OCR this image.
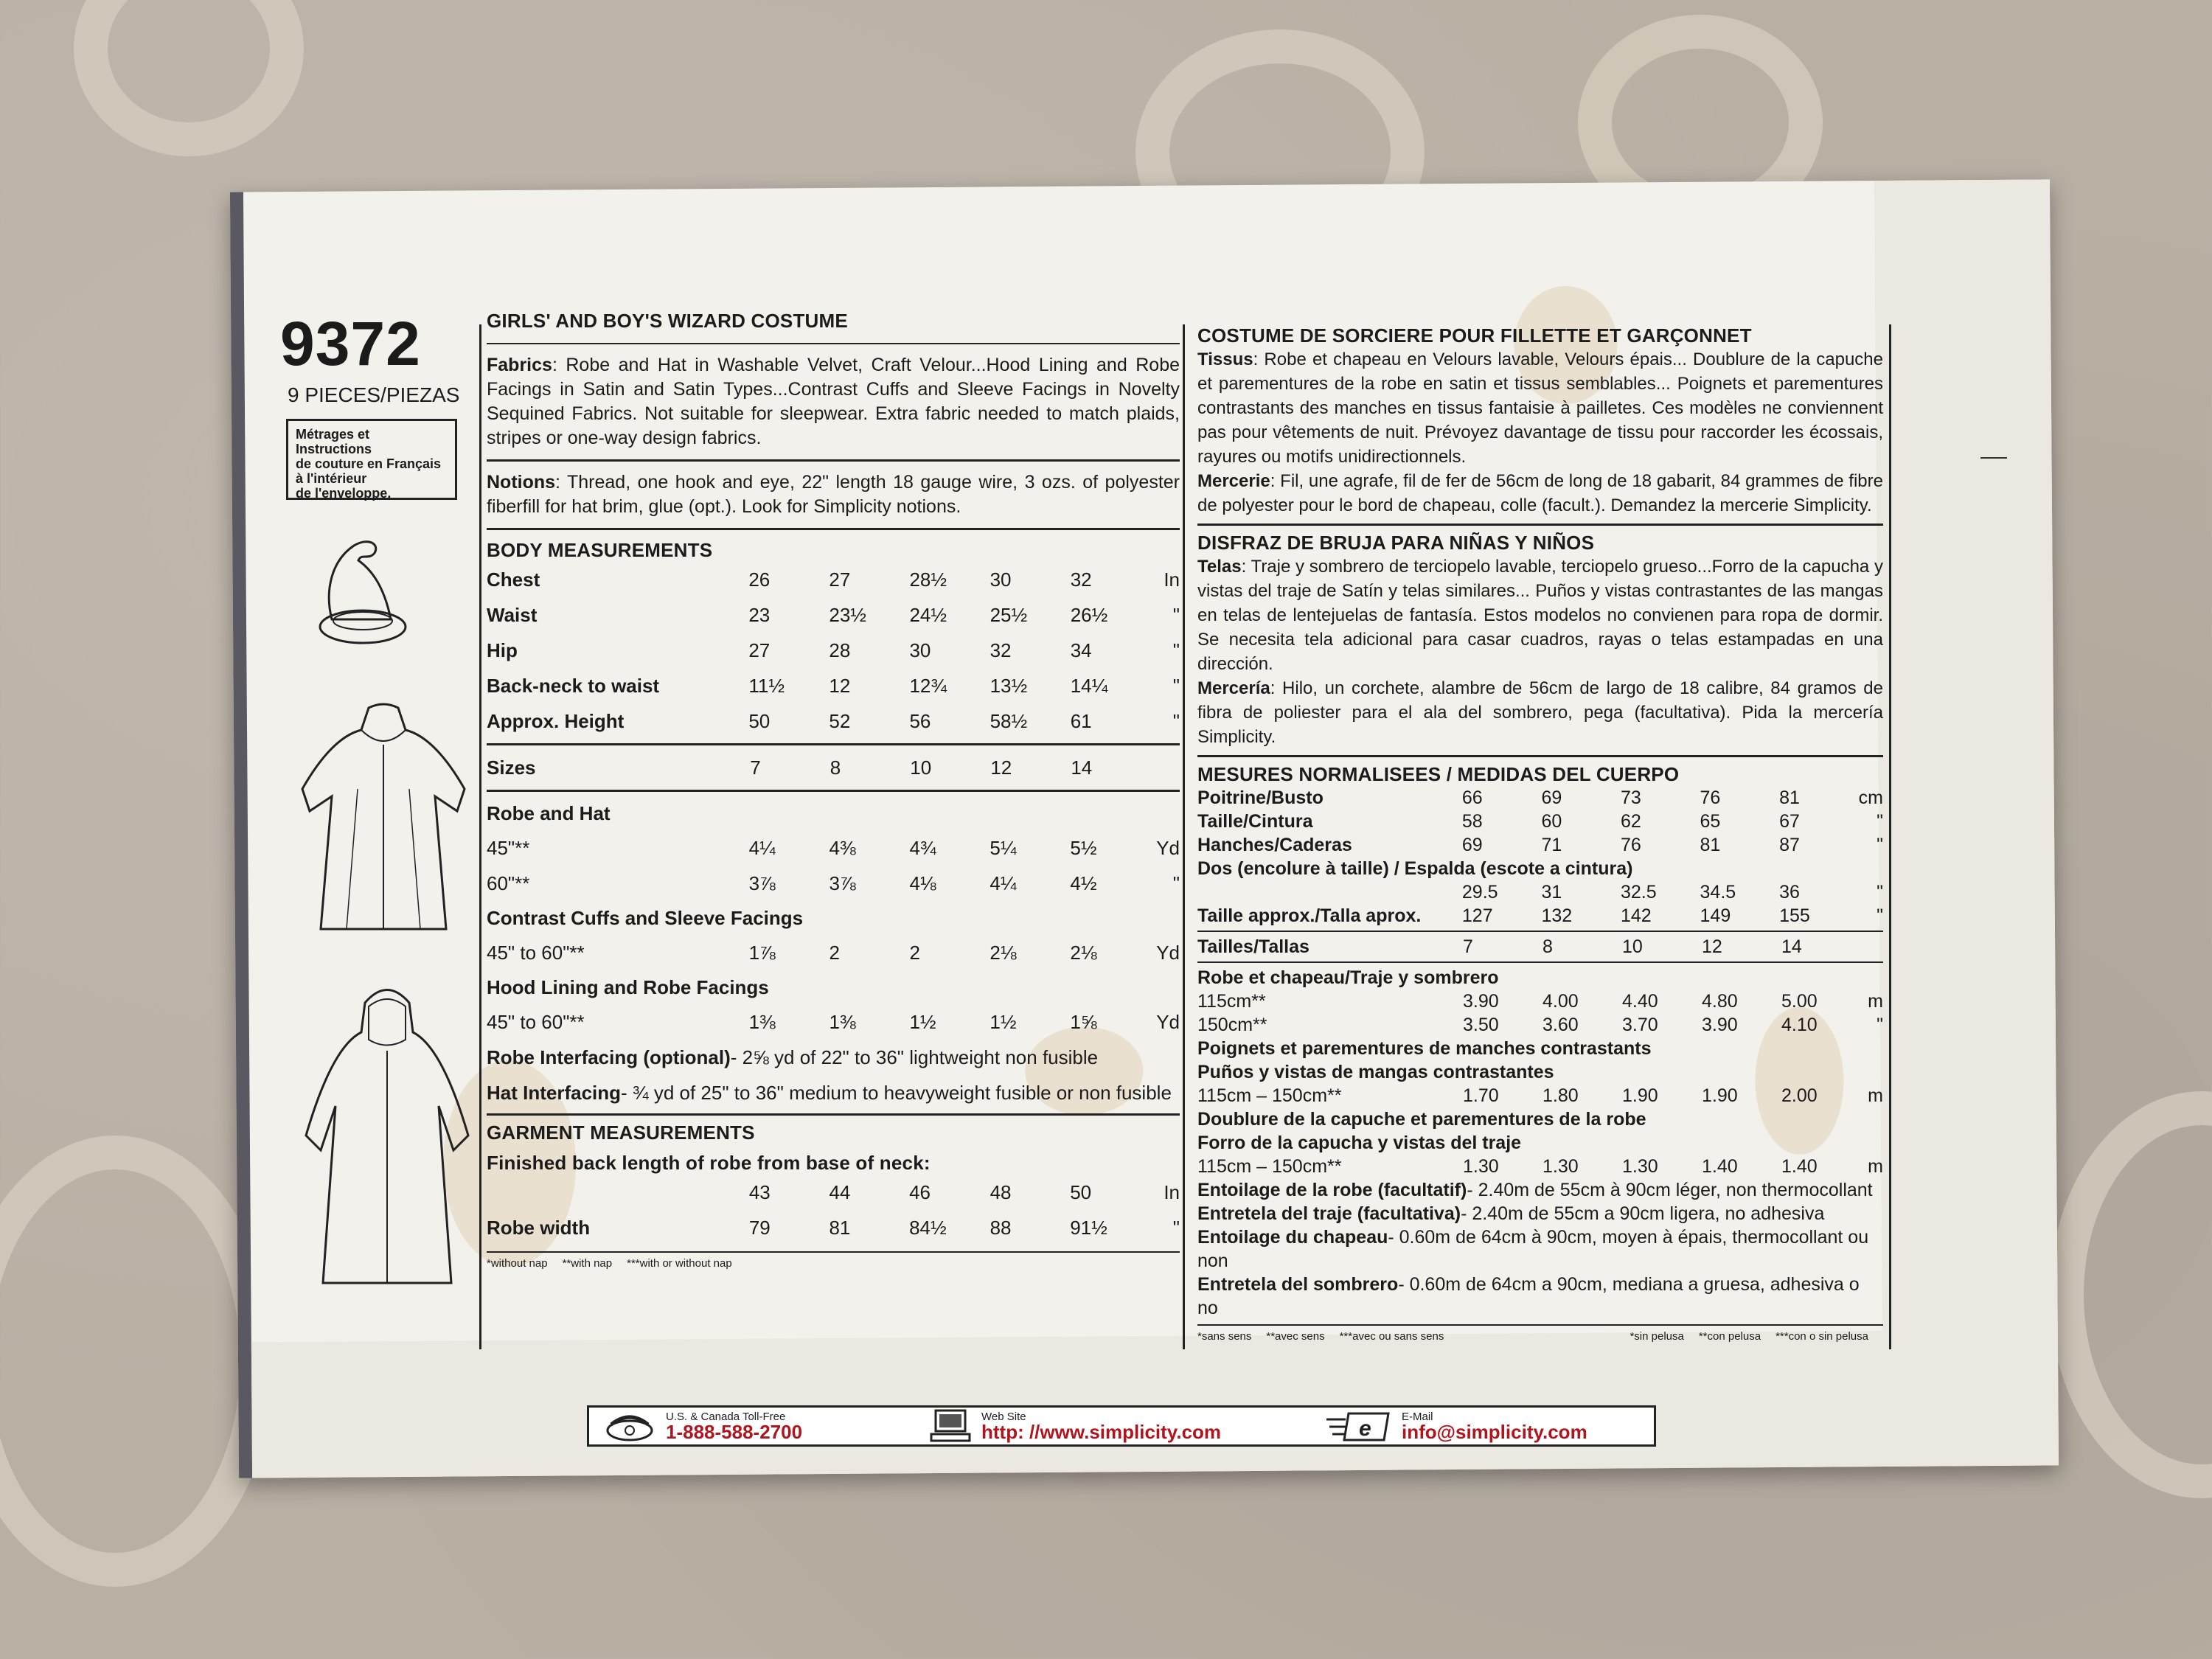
9372
9 PIECES/PIEZAS
Métrages et Instructions
de couture en Français
à l'intérieur
de l'enveloppe.
GIRLS' AND BOY'S WIZARD COSTUME
Fabrics: Robe and Hat in Washable Velvet, Craft Velour...Hood Lining and Robe Facings in Satin and Satin Types...Contrast Cuffs and Sleeve Facings in Novelty Sequined Fabrics. Not suitable for sleepwear. Extra fabric needed to match plaids, stripes or one-way design fabrics.
Notions: Thread, one hook and eye, 22" length 18 gauge wire, 3 ozs. of polyester fiberfill for hat brim, glue (opt.). Look for Simplicity notions.
BODY MEASUREMENTS
Chest	26	27	28½	30	32	In
Waist	23	23½	24½	25½	26½	"
Hip	27	28	30	32	34	"
Back-neck to waist	11½	12	12¾	13½	14¼	"
Approx. Height	50	52	56	58½	61	"
Sizes	7	8	10	12	14	
Robe and Hat						
45"**	4¼	4⅜	4¾	5¼	5½	Yd
60"**	3⅞	3⅞	4⅛	4¼	4½	"
Contrast Cuffs and Sleeve Facings						
45" to 60"**	1⅞	2	2	2⅛	2⅛	Yd
Hood Lining and Robe Facings						
45" to 60"**	1⅜	1⅜	1½	1½	1⅝	Yd
Robe Interfacing (optional)- 2⅝ yd of 22" to 36" lightweight non fusible
Hat Interfacing- ¾ yd of 25" to 36" medium to heavyweight fusible or non fusible
GARMENT MEASUREMENTS
Finished back length of robe from base of neck:
	43	44	46	48	50	In
Robe width	79	81	84½	88	91½	"
*without nap **with nap ***with or without nap
COSTUME DE SORCIERE POUR FILLETTE ET GARÇONNET
Tissus: Robe et chapeau en Velours lavable, Velours épais... Doublure de la capuche et parementures de la robe en satin et tissus semblables... Poignets et parementures contrastants des manches en tissus fantaisie à pailletes. Ces modèles ne conviennent pas pour vêtements de nuit. Prévoyez davantage de tissu pour raccorder les écossais, rayures ou motifs unidirectionnels.
Mercerie: Fil, une agrafe, fil de fer de 56cm de long de 18 gabarit, 84 grammes de fibre de polyester pour le bord de chapeau, colle (facult.). Demandez la mercerie Simplicity.
DISFRAZ DE BRUJA PARA NIÑAS Y NIÑOS
Telas: Traje y sombrero de terciopelo lavable, terciopelo grueso...Forro de la capucha y vistas del traje de Satín y telas similares... Puños y vistas contrastantes de las mangas en telas de lentejuelas de fantasía. Estos modelos no convienen para ropa de dormir. Se necesita tela adicional para casar cuadros, rayas o telas estampadas en una dirección.
Mercería: Hilo, un corchete, alambre de 56cm de largo de 18 calibre, 84 gramos de fibra de poliester para el ala del sombrero, pega (facultativa). Pida la mercería Simplicity.
MESURES NORMALISEES / MEDIDAS DEL CUERPO
Poitrine/Busto	66	69	73	76	81	cm
Taille/Cintura	58	60	62	65	67	"
Hanches/Caderas	69	71	76	81	87	"
Dos (encolure à taille) / Espalda (escote a cintura)						
	29.5	31	32.5	34.5	36	"
Taille approx./Talla aprox.	127	132	142	149	155	"
Tailles/Tallas	7	8	10	12	14	
Robe et chapeau/Traje y sombrero						
115cm**	3.90	4.00	4.40	4.80	5.00	m
150cm**	3.50	3.60	3.70	3.90	4.10	"
Poignets et parementures de manches contrastants						
Puños y vistas de mangas contrastantes						
115cm – 150cm**	1.70	1.80	1.90	1.90	2.00	m
Doublure de la capuche et parementures de la robe						
Forro de la capucha y vistas del traje						
115cm – 150cm**	1.30	1.30	1.30	1.40	1.40	m
Entoilage de la robe (facultatif)- 2.40m de 55cm à 90cm léger, non thermocollant
Entretela del traje (facultativa)- 2.40m de 55cm a 90cm ligera, no adhesiva
Entoilage du chapeau- 0.60m de 64cm à 90cm, moyen à épais, thermocollant ou non
Entretela del sombrero- 0.60m de 64cm a 90cm, mediana a gruesa, adhesiva o no
*sans sens **avec sens ***avec ou sans sens	*sin pelusa **con pelusa ***con o sin pelusa
U.S. & Canada Toll-Free
1-888-588-2700
Web Site
http: //www.simplicity.com	e	E-Mail
info@simplicity.com
